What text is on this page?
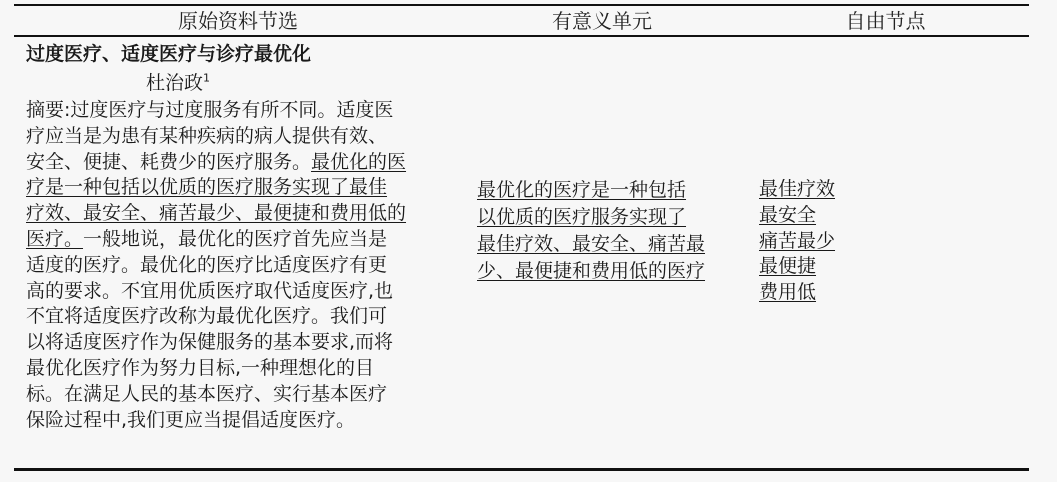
原始资料节选	有意义单元	自由节点
过度医疗、适度医疗与诊疗最优化
杜治政$^1$
摘要:过度医疗与过度服务有所不同。适度医
疗应当是为患有某种疾病的病人提供有效、
安全、便捷、耗费少的医疗服务。最优化的医
疗是一种包括以优质的医疗服务实现了最佳
疗效、最安全、痛苦最少、最便捷和费用低的
医疗。一般地说，最优化的医疗首先应当是
适度的医疗。最优化的医疗比适度医疗有更
高的要求。不宜用优质医疗取代适度医疗,也
不宜将适度医疗改称为最优化医疗。我们可
以将适度医疗作为保健服务的基本要求,而将
最优化医疗作为努力目标,一种理想化的目
标。在满足人民的基本医疗、实行基本医疗
保险过程中,我们更应当提倡适度医疗。
最优化的医疗是一种包括
以优质的医疗服务实现了
最佳疗效、最安全、痛苦最
少、最便捷和费用低的医疗
最佳疗效
最安全
痛苦最少
最便捷
费用低
